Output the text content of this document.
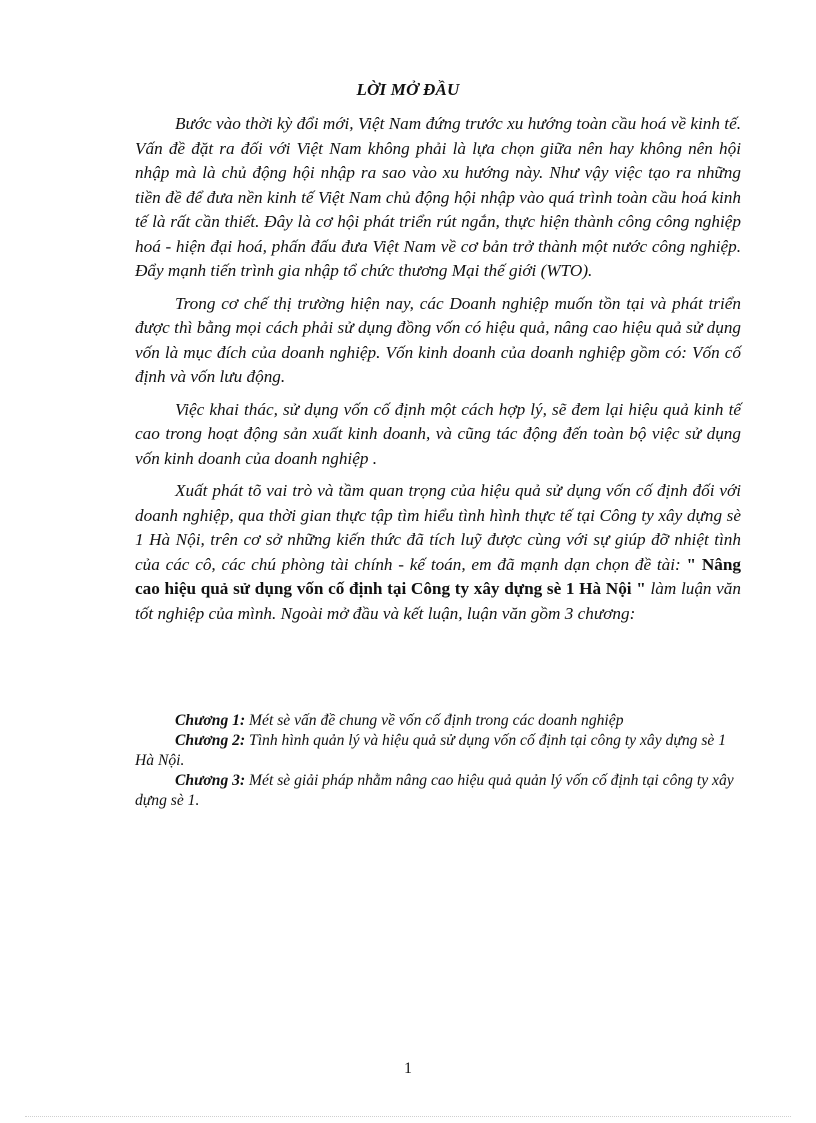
LỜI MỞ ĐẦU

Bước vào thời kỳ đổi mới, Việt Nam đứng trước xu hướng toàn cầu hoá về kinh tế. Vấn đề đặt ra đối với Việt Nam không phải là lựa chọn giữa nên hay không nên hội nhập mà là chủ động hội nhập ra sao vào xu hướng này. Như vậy việc tạo ra những tiền đề để đưa nền kinh tế Việt Nam chủ động hội nhập vào quá trình toàn cầu hoá kinh tế là rất cần thiết. Đây là cơ hội phát triển rút ngắn, thực hiện thành công công nghiệp hoá - hiện đại hoá, phấn đấu đưa Việt Nam về cơ bản trở thành một nước công nghiệp. Đẩy mạnh tiến trình gia nhập tổ chức thương Mại thế giới (WTO).

Trong cơ chế thị trường hiện nay, các Doanh nghiệp muốn tồn tại và phát triển được thì bằng mọi cách phải sử dụng đồng vốn có hiệu quả, nâng cao hiệu quả sử dụng vốn là mục đích của doanh nghiệp. Vốn kinh doanh của doanh nghiệp gồm có: Vốn cố định và vốn lưu động.

Việc khai thác, sử dụng vốn cố định một cách hợp lý, sẽ đem lại hiệu quả kinh tế cao trong hoạt động sản xuất kinh doanh, và cũng tác động đến toàn bộ việc sử dụng vốn kinh doanh của doanh nghiệp .

Xuất phát tõ vai trò và tầm quan trọng của hiệu quả sử dụng vốn cố định đối với doanh nghiệp, qua thời gian thực tập tìm hiểu tình hình thực tế tại Công ty xây dựng sè 1 Hà Nội, trên cơ sở những kiến thức đã tích luỹ được cùng với sự giúp đỡ nhiệt tình của các cô, các chú phòng tài chính - kế toán, em đã mạnh dạn chọn đề tài: " Nâng cao hiệu quả sử dụng vốn cố định tại Công ty xây dựng sè 1 Hà Nội " làm luận văn tốt nghiệp của mình. Ngoài mở đầu và kết luận, luận văn gồm 3 chương:

Chương 1: Mét sè vấn đề chung về vốn cố định trong các doanh nghiệp

Chương 2: Tình hình quản lý và hiệu quả sử dụng vốn cố định tại công ty xây dựng sè 1 Hà Nội.

Chương 3: Mét sè giải pháp nhằm nâng cao hiệu quả quản lý vốn cố định tại công ty xây dựng sè 1.

1
